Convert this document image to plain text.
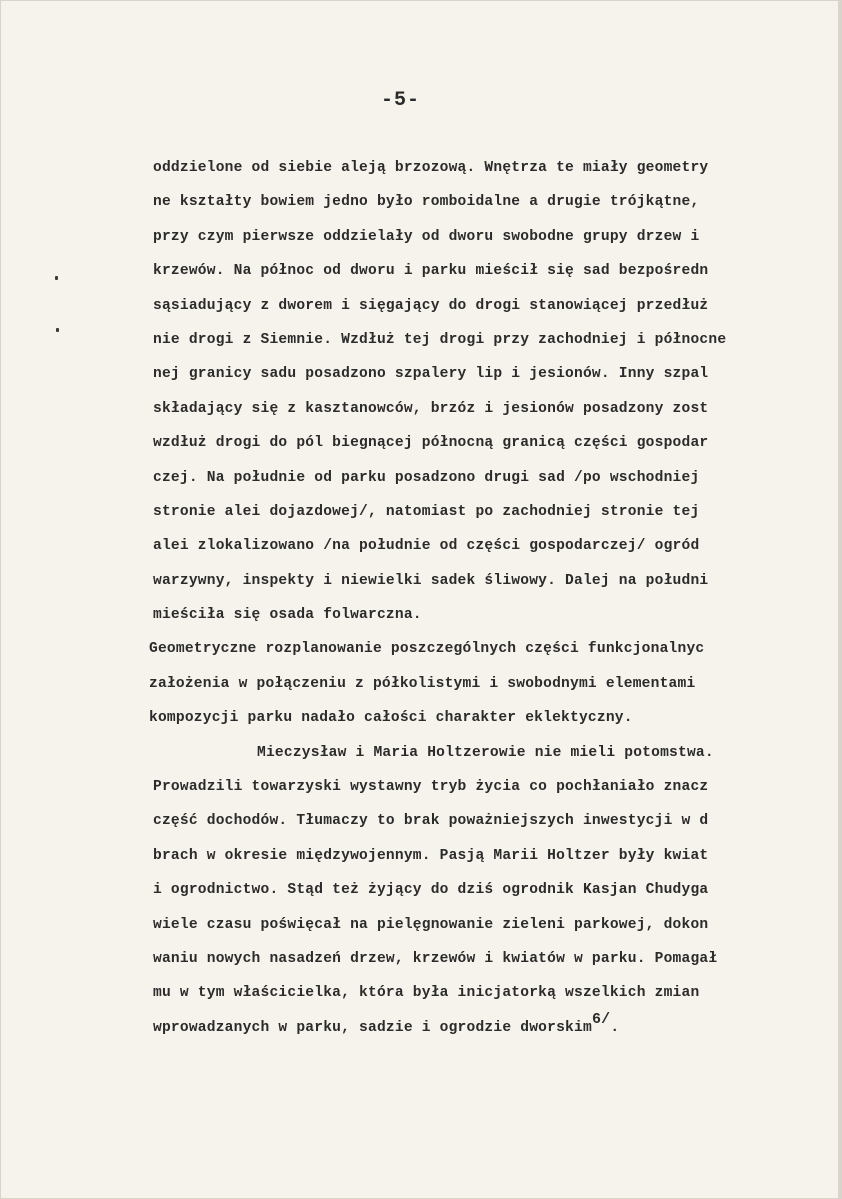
-5-
oddzielone od siebie aleją brzozową. Wnętrza te miały geometry
ne kształty bowiem jedno było romboidalne a drugie trójkątne,
przy czym pierwsze oddzielały od dworu swobodne grupy drzew i
krzewów. Na północ od dworu i parku mieścił się sad bezpośredn
sąsiadujący z dworem i sięgający do drogi stanowiącej przedłuż
nie drogi z Siemnie. Wzdłuż tej drogi przy zachodniej i północne
nej granicy sadu posadzono szpalery lip i jesionów. Inny szpal
składający się z kasztanowców, brzóz i jesionów posadzony zost
wzdłuż drogi do pól biegnącej północną granicą części gospodar
czej. Na południe od parku posadzono drugi sad /po wschodniej
stronie alei dojazdowej/, natomiast po zachodniej stronie tej
alei zlokalizowano /na południe od części gospodarczej/ ogród
warzywny, inspekty i niewielki sadek śliwowy. Dalej na południ
mieściła się osada folwarczna.
Geometryczne rozplanowanie poszczególnych części funkcjonalnyc
założenia w połączeniu z półkolistymi i swobodnymi elementami
kompozycji parku nadało całości charakter eklektyczny.
Mieczysław i Maria Holtzerowie nie mieli potomstwa.
Prowadzili towarzyski wystawny tryb życia co pochłaniało znacz
część dochodów. Tłumaczy to brak poważniejszych inwestycji w d
brach w okresie międzywojennym. Pasją Marii Holtzer były kwiat
i ogrodnictwo. Stąd też żyjący do dziś ogrodnik Kasjan Chudyga
wiele czasu poświęcał na pielęgnowanie zieleni parkowej, dokon
waniu nowych nasadzeń drzew, krzewów i kwiatów w parku. Pomagał
mu w tym właścicielka, która była inicjatorką wszelkich zmian
wprowadzanych w parku, sadzie i ogrodzie dworskim$^{6/}$.
